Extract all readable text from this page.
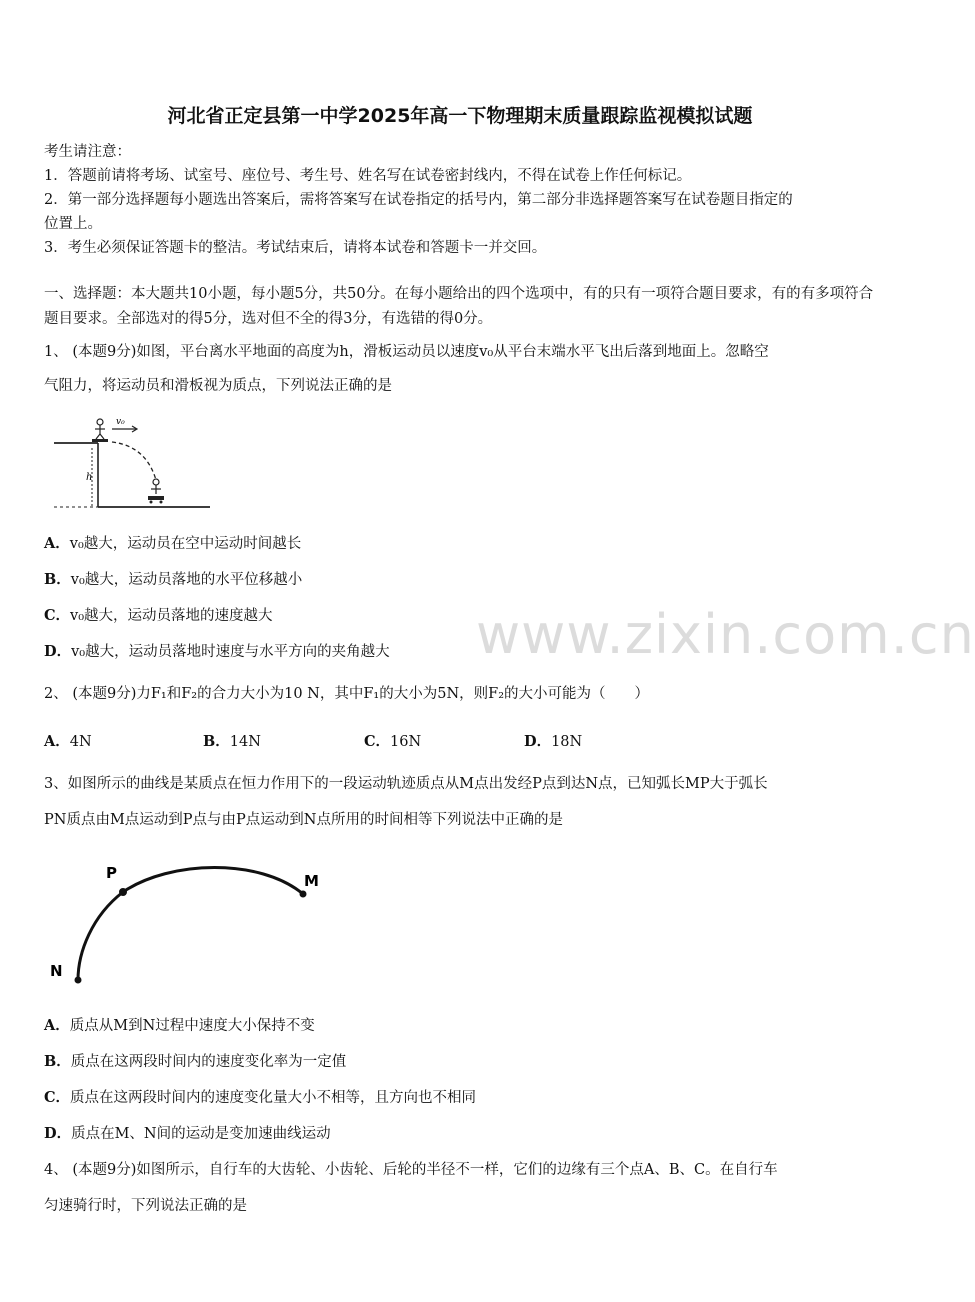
www.zixin.com.cn
河北省正定县第一中学2025年高一下物理期末质量跟踪监视模拟试题
考生请注意：
1．答题前请将考场、试室号、座位号、考生号、姓名写在试卷密封线内，不得在试卷上作任何标记。
2．第一部分选择题每小题选出答案后，需将答案写在试卷指定的括号内，第二部分非选择题答案写在试卷题目指定的
位置上。
3．考生必须保证答题卡的整洁。考试结束后，请将本试卷和答题卡一并交回。
一、选择题：本大题共10小题，每小题5分，共50分。在每小题给出的四个选项中，有的只有一项符合题目要求，有的有多项符合题目要求。全部选对的得5分，选对但不全的得3分，有选错的得0分。
1、 (本题9分)如图，平台离水平地面的高度为h，滑板运动员以速度v₀从平台末端水平飞出后落到地面上。忽略空
气阻力，将运动员和滑板视为质点，下列说法正确的是
v₀
h
A．v₀越大，运动员在空中运动时间越长
B．v₀越大，运动员落地的水平位移越小
C．v₀越大，运动员落地的速度越大
D．v₀越大，运动员落地时速度与水平方向的夹角越大
2、 (本题9分)力F₁和F₂的合力大小为10 N，其中F₁的大小为5N，则F₂的大小可能为（　　）
A．4N	B．14N	C．16N	D．18N
3、如图所示的曲线是某质点在恒力作用下的一段运动轨迹质点从M点出发经P点到达N点，已知弧长MP大于弧长
PN质点由M点运动到P点与由P点运动到N点所用的时间相等下列说法中正确的是
P	M
N
A．质点从M到N过程中速度大小保持不变
B．质点在这两段时间内的速度变化率为一定值
C．质点在这两段时间内的速度变化量大小不相等，且方向也不相同
D．质点在M、N间的运动是变加速曲线运动
4、 (本题9分)如图所示，自行车的大齿轮、小齿轮、后轮的半径不一样，它们的边缘有三个点A、B、C。在自行车
匀速骑行时，下列说法正确的是
